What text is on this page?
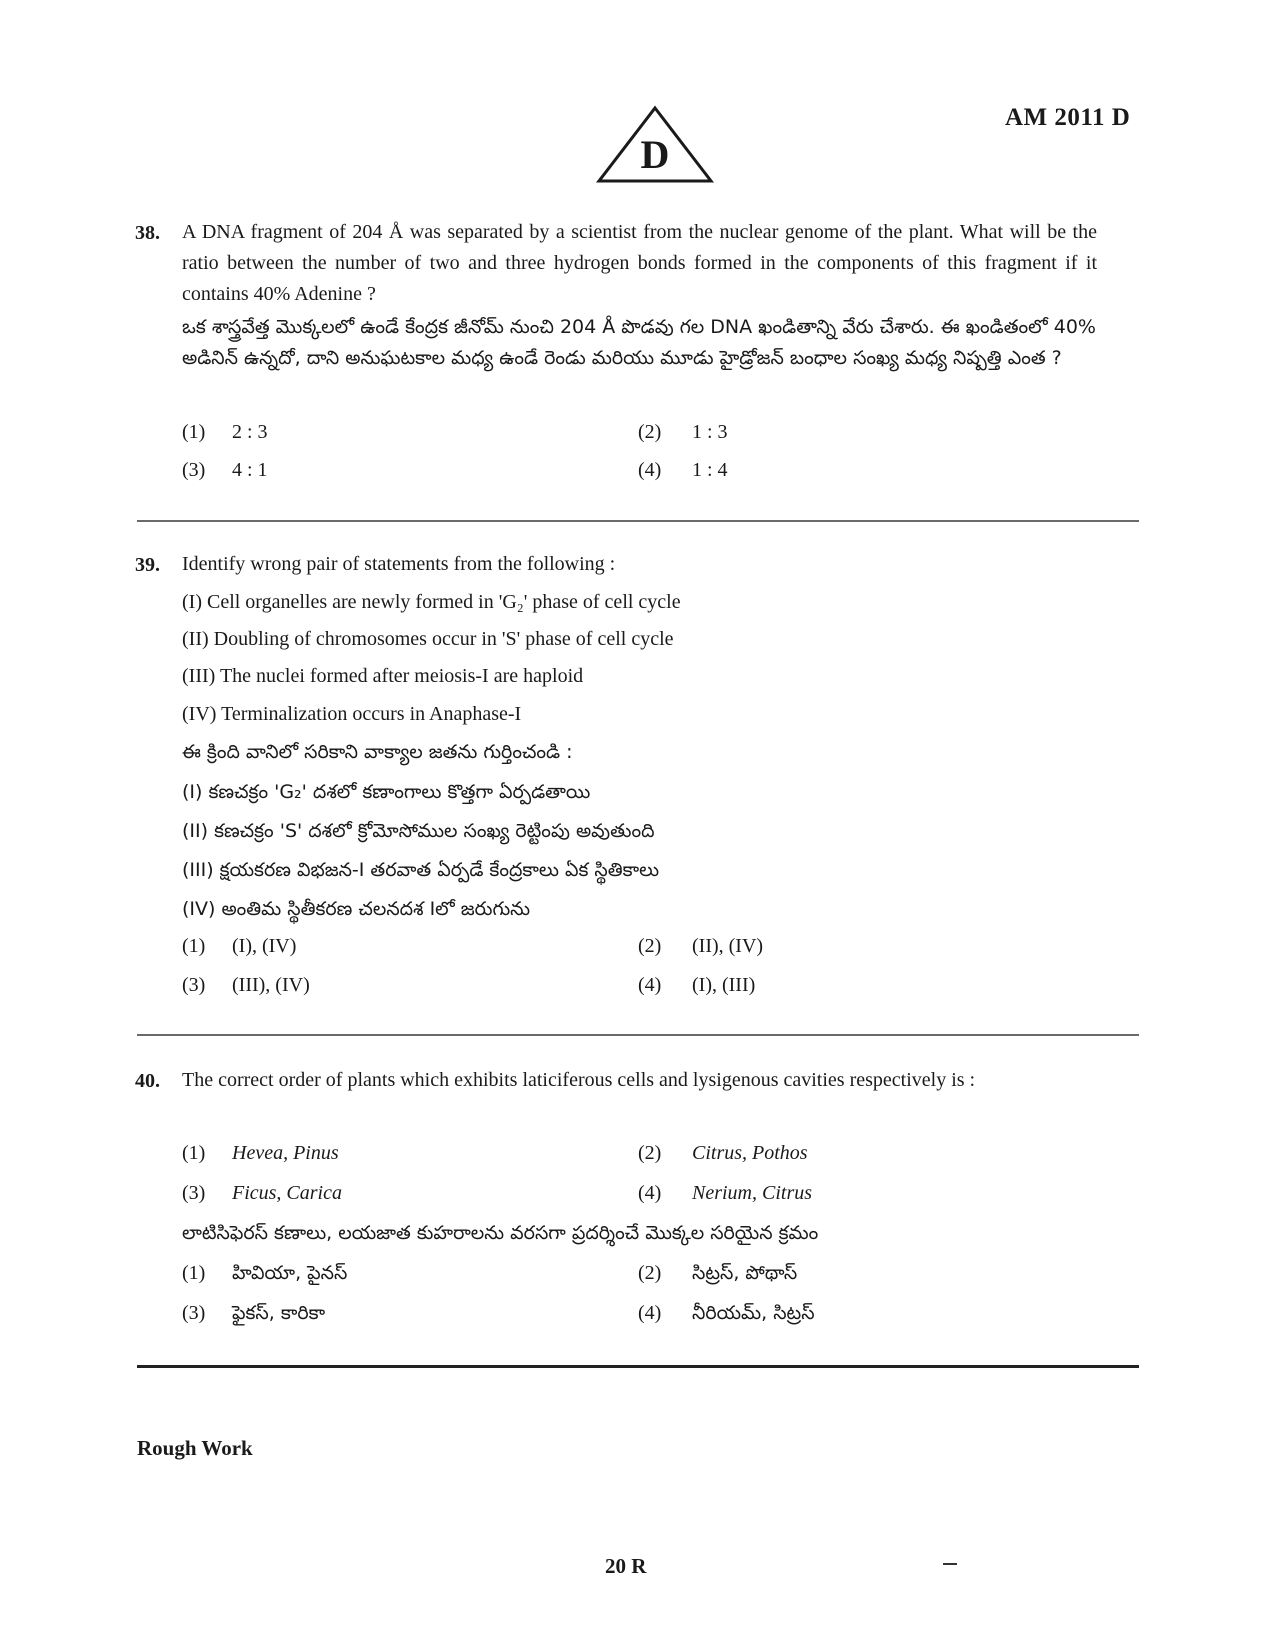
D
AM 2011 D
38. A DNA fragment of 204 Å was separated by a scientist from the nuclear genome of the plant. What will be the ratio between the number of two and three hydrogen bonds formed in the components of this fragment if it contains 40% Adenine ?
ఒక శాస్త్రవేత్త మొక్కలలో ఉండే కేంద్రక జీనోమ్ నుంచి 204 Å పొడవు గల DNA ఖండితాన్ని వేరు చేశారు. ఈ ఖండితంలో 40% అడినిన్ ఉన్నదో, దాని అనుఘటకాల మధ్య ఉండే రెండు మరియు మూడు హైడ్రోజన్ బంధాల సంఖ్య మధ్య నిష్పత్తి ఎంత ?
(1) 2 : 3	(2) 1 : 3
(3) 4 : 1	(4) 1 : 4
39. Identify wrong pair of statements from the following :
(I) Cell organelles are newly formed in 'G₂' phase of cell cycle
(II) Doubling of chromosomes occur in 'S' phase of cell cycle
(III) The nuclei formed after meiosis-I are haploid
(IV) Terminalization occurs in Anaphase-I
ఈ క్రింది వానిలో సరికాని వాక్యాల జతను గుర్తించండి :
(I) కణచక్రం 'G₂' దశలో కణాంగాలు కొత్తగా ఏర్పడతాయి
(II) కణచక్రం 'S' దశలో క్రోమోసోముల సంఖ్య రెట్టింపు అవుతుంది
(III) క్షయకరణ విభజన-I తరవాత ఏర్పడే కేంద్రకాలు ఏక స్థితికాలు
(IV) అంతిమ స్థితీకరణ చలనదశ Iలో జరుగును
(1) (I), (IV)	(2) (II), (IV)
(3) (III), (IV)	(4) (I), (III)
40. The correct order of plants which exhibits laticiferous cells and lysigenous cavities respectively is :
(1) Hevea, Pinus	(2) Citrus, Pothos
(3) Ficus, Carica	(4) Nerium, Citrus
లాటిసిఫెరస్ కణాలు, లయజాత కుహరాలను వరసగా ప్రదర్శించే మొక్కల సరియైన క్రమం
(1) హివియా, పైనస్	(2) సిట్రస్, పోథాస్
(3) ఫైకస్, కారికా	(4) నీరియమ్, సిట్రస్
Rough Work
20 R
